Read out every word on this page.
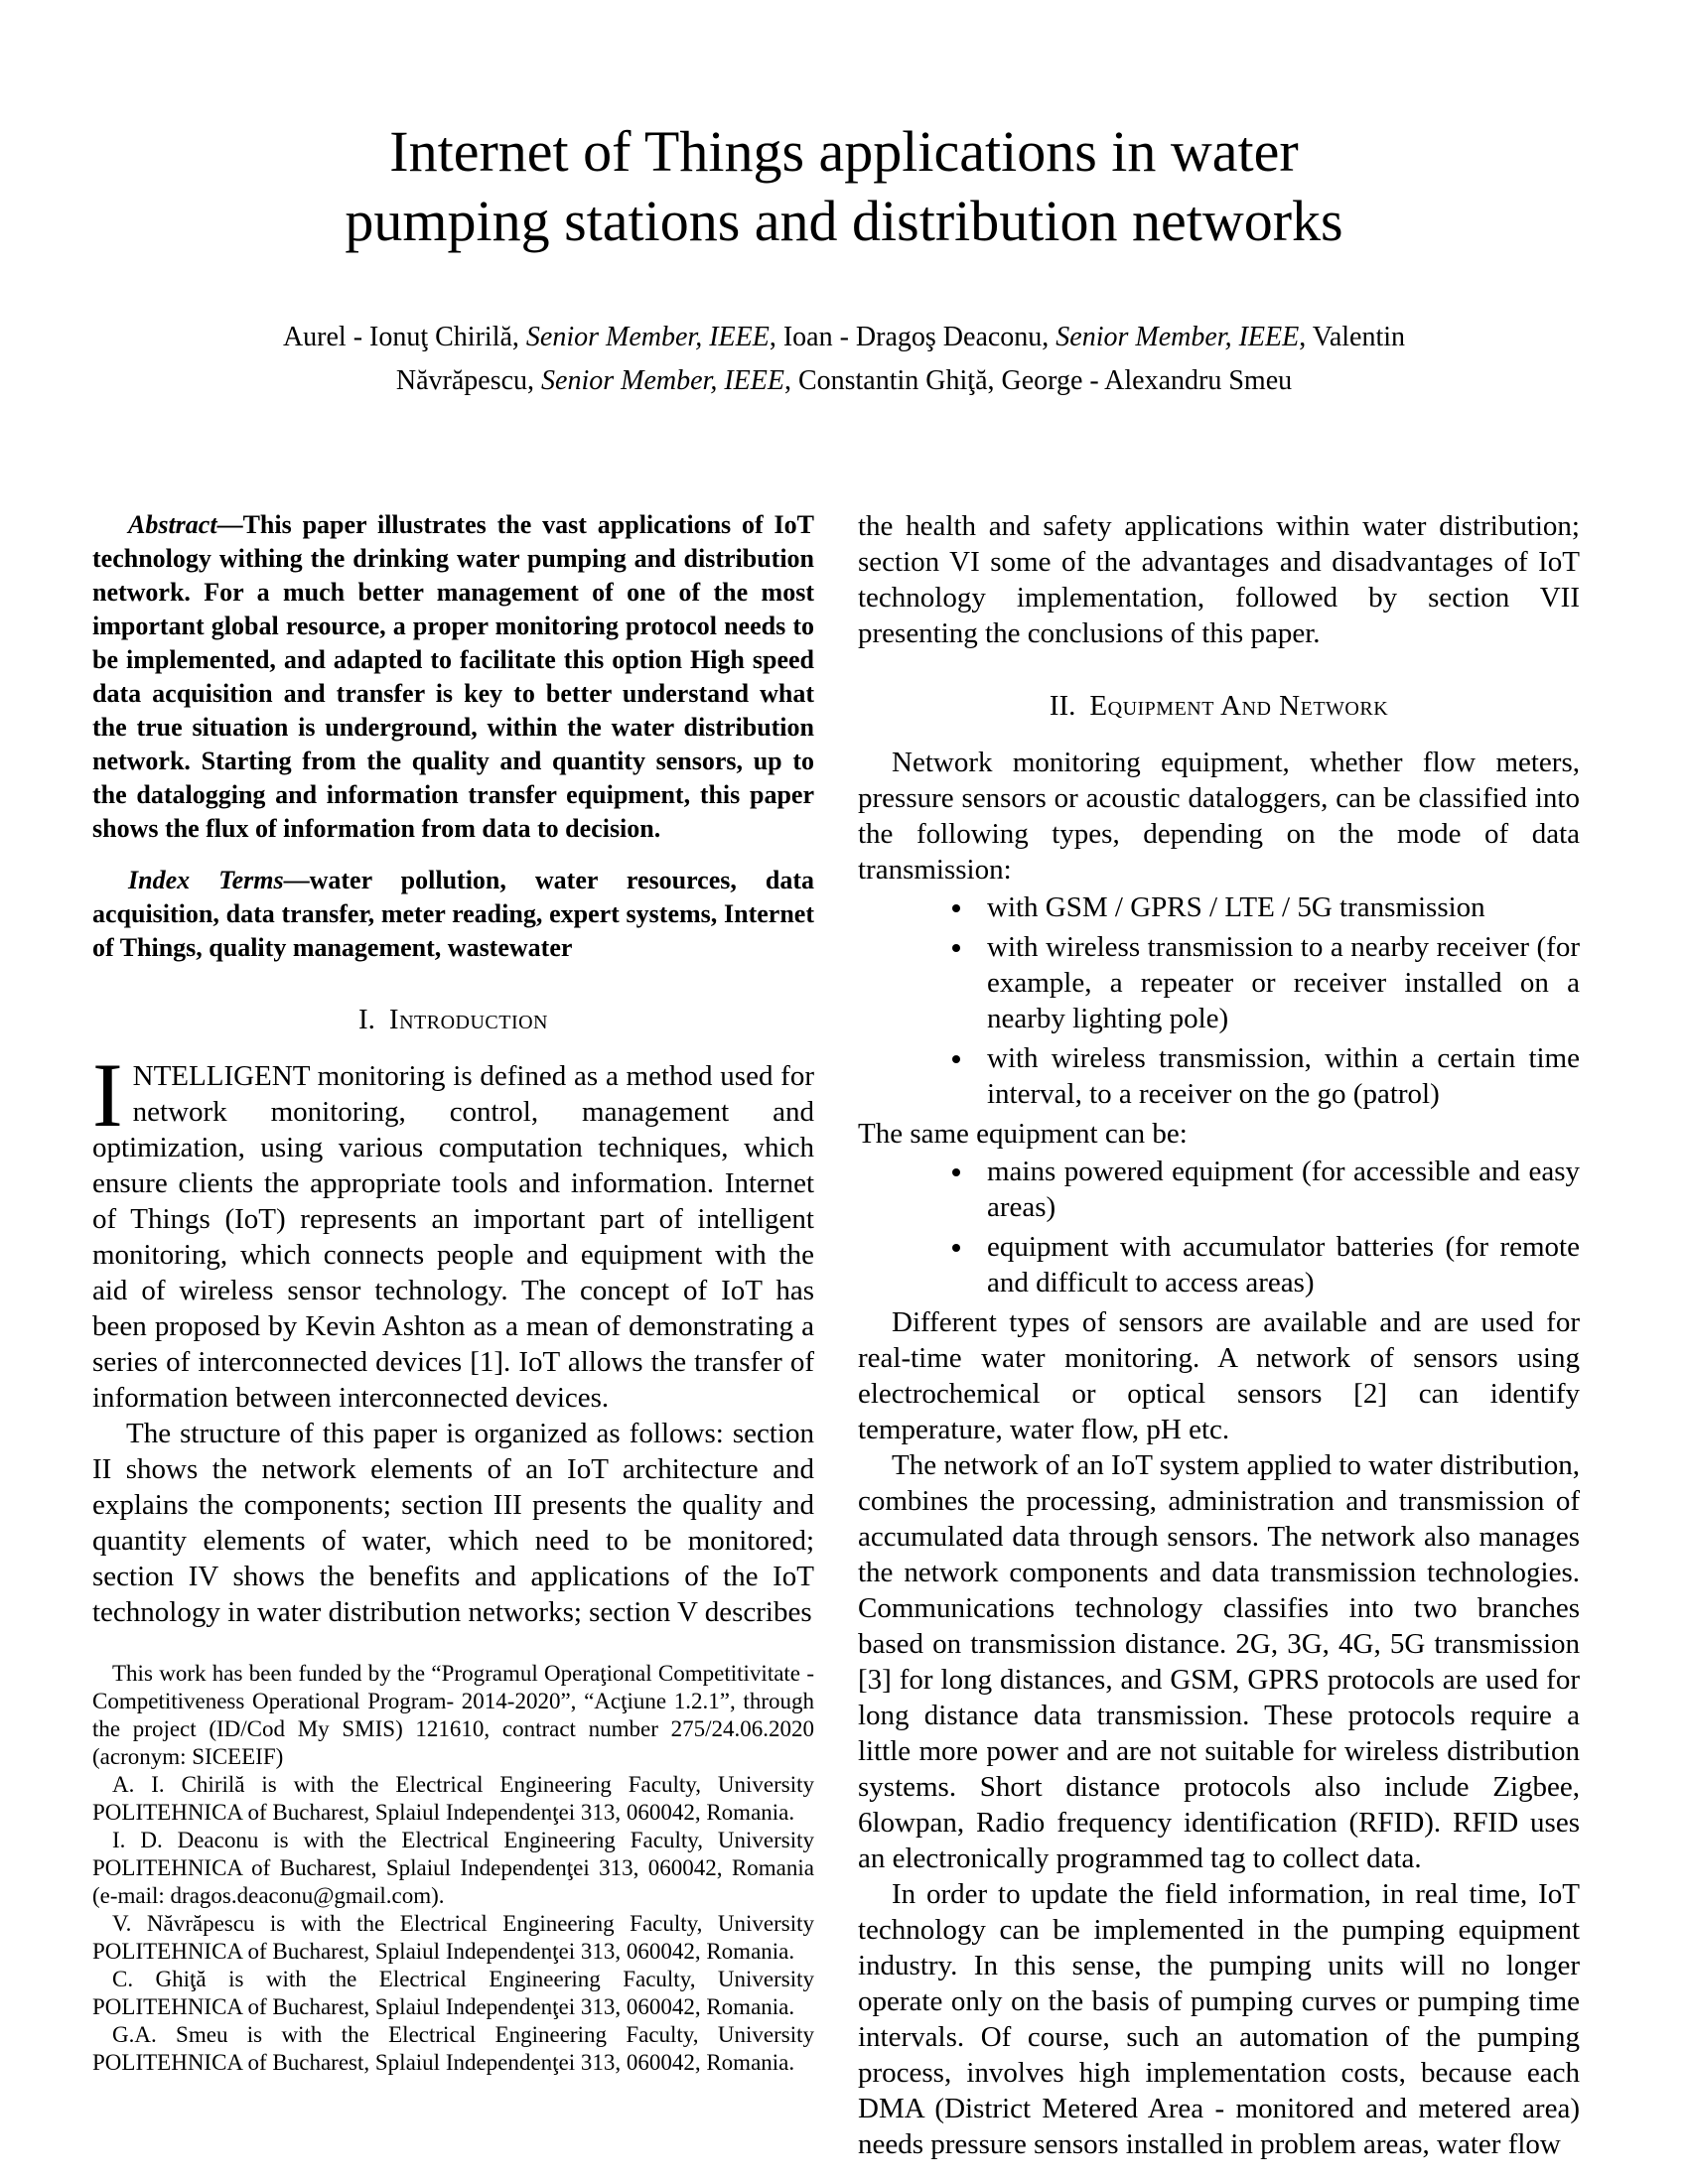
Internet of Things applications in water
pumping stations and distribution networks
Aurel - Ionuţ Chirilă, Senior Member, IEEE, Ioan - Dragoş Deaconu, Senior Member, IEEE, Valentin
Năvrăpescu, Senior Member, IEEE, Constantin Ghiţă, George - Alexandru Smeu

Abstract—This paper illustrates the vast applications of IoT technology withing the drinking water pumping and distribution network. For a much better management of one of the most important global resource, a proper monitoring protocol needs to be implemented, and adapted to facilitate this option High speed data acquisition and transfer is key to better understand what the true situation is underground, within the water distribution network. Starting from the quality and quantity sensors, up to the datalogging and information transfer equipment, this paper shows the flux of information from data to decision.

Index Terms—water pollution, water resources, data acquisition, data transfer, meter reading, expert systems, Internet of Things, quality management, wastewater

I. Introduction

INTELLIGENT monitoring is defined as a method used for network monitoring, control, management and optimization, using various computation techniques, which ensure clients the appropriate tools and information. Internet of Things (IoT) represents an important part of intelligent monitoring, which connects people and equipment with the aid of wireless sensor technology. The concept of IoT has been proposed by Kevin Ashton as a mean of demonstrating a series of interconnected devices [1]. IoT allows the transfer of information between interconnected devices.

The structure of this paper is organized as follows: section II shows the network elements of an IoT architecture and explains the components; section III presents the quality and quantity elements of water, which need to be monitored; section IV shows the benefits and applications of the IoT technology in water distribution networks; section V describes

This work has been funded by the “Programul Operaţional Competitivitate -Competitiveness Operational Program- 2014-2020”, “Acţiune 1.2.1”, through the project (ID/Cod My SMIS) 121610, contract number 275/24.06.2020 (acronym: SICEEIF)

A. I. Chirilă is with the Electrical Engineering Faculty, University POLITEHNICA of Bucharest, Splaiul Independenţei 313, 060042, Romania.

I. D. Deaconu is with the Electrical Engineering Faculty, University POLITEHNICA of Bucharest, Splaiul Independenţei 313, 060042, Romania (e-mail: dragos.deaconu@gmail.com).

V. Năvrăpescu is with the Electrical Engineering Faculty, University POLITEHNICA of Bucharest, Splaiul Independenţei 313, 060042, Romania.

C. Ghiţă is with the Electrical Engineering Faculty, University POLITEHNICA of Bucharest, Splaiul Independenţei 313, 060042, Romania.

G.A. Smeu is with the Electrical Engineering Faculty, University POLITEHNICA of Bucharest, Splaiul Independenţei 313, 060042, Romania.

the health and safety applications within water distribution; section VI some of the advantages and disadvantages of IoT technology implementation, followed by section VII presenting the conclusions of this paper.

II. Equipment And Network

Network monitoring equipment, whether flow meters, pressure sensors or acoustic dataloggers, can be classified into the following types, depending on the mode of data transmission:

• with GSM / GPRS / LTE / 5G transmission
• with wireless transmission to a nearby receiver (for example, a repeater or receiver installed on a nearby lighting pole)
• with wireless transmission, within a certain time interval, to a receiver on the go (patrol)

The same equipment can be:

• mains powered equipment (for accessible and easy areas)
• equipment with accumulator batteries (for remote and difficult to access areas)

Different types of sensors are available and are used for real-time water monitoring. A network of sensors using electrochemical or optical sensors [2] can identify temperature, water flow, pH etc.

The network of an IoT system applied to water distribution, combines the processing, administration and transmission of accumulated data through sensors. The network also manages the network components and data transmission technologies. Communications technology classifies into two branches based on transmission distance. 2G, 3G, 4G, 5G transmission [3] for long distances, and GSM, GPRS protocols are used for long distance data transmission. These protocols require a little more power and are not suitable for wireless distribution systems. Short distance protocols also include Zigbee, 6lowpan, Radio frequency identification (RFID). RFID uses an electronically programmed tag to collect data.

In order to update the field information, in real time, IoT technology can be implemented in the pumping equipment industry. In this sense, the pumping units will no longer operate only on the basis of pumping curves or pumping time intervals. Of course, such an automation of the pumping process, involves high implementation costs, because each DMA (District Metered Area - monitored and metered area) needs pressure sensors installed in problem areas, water flow
